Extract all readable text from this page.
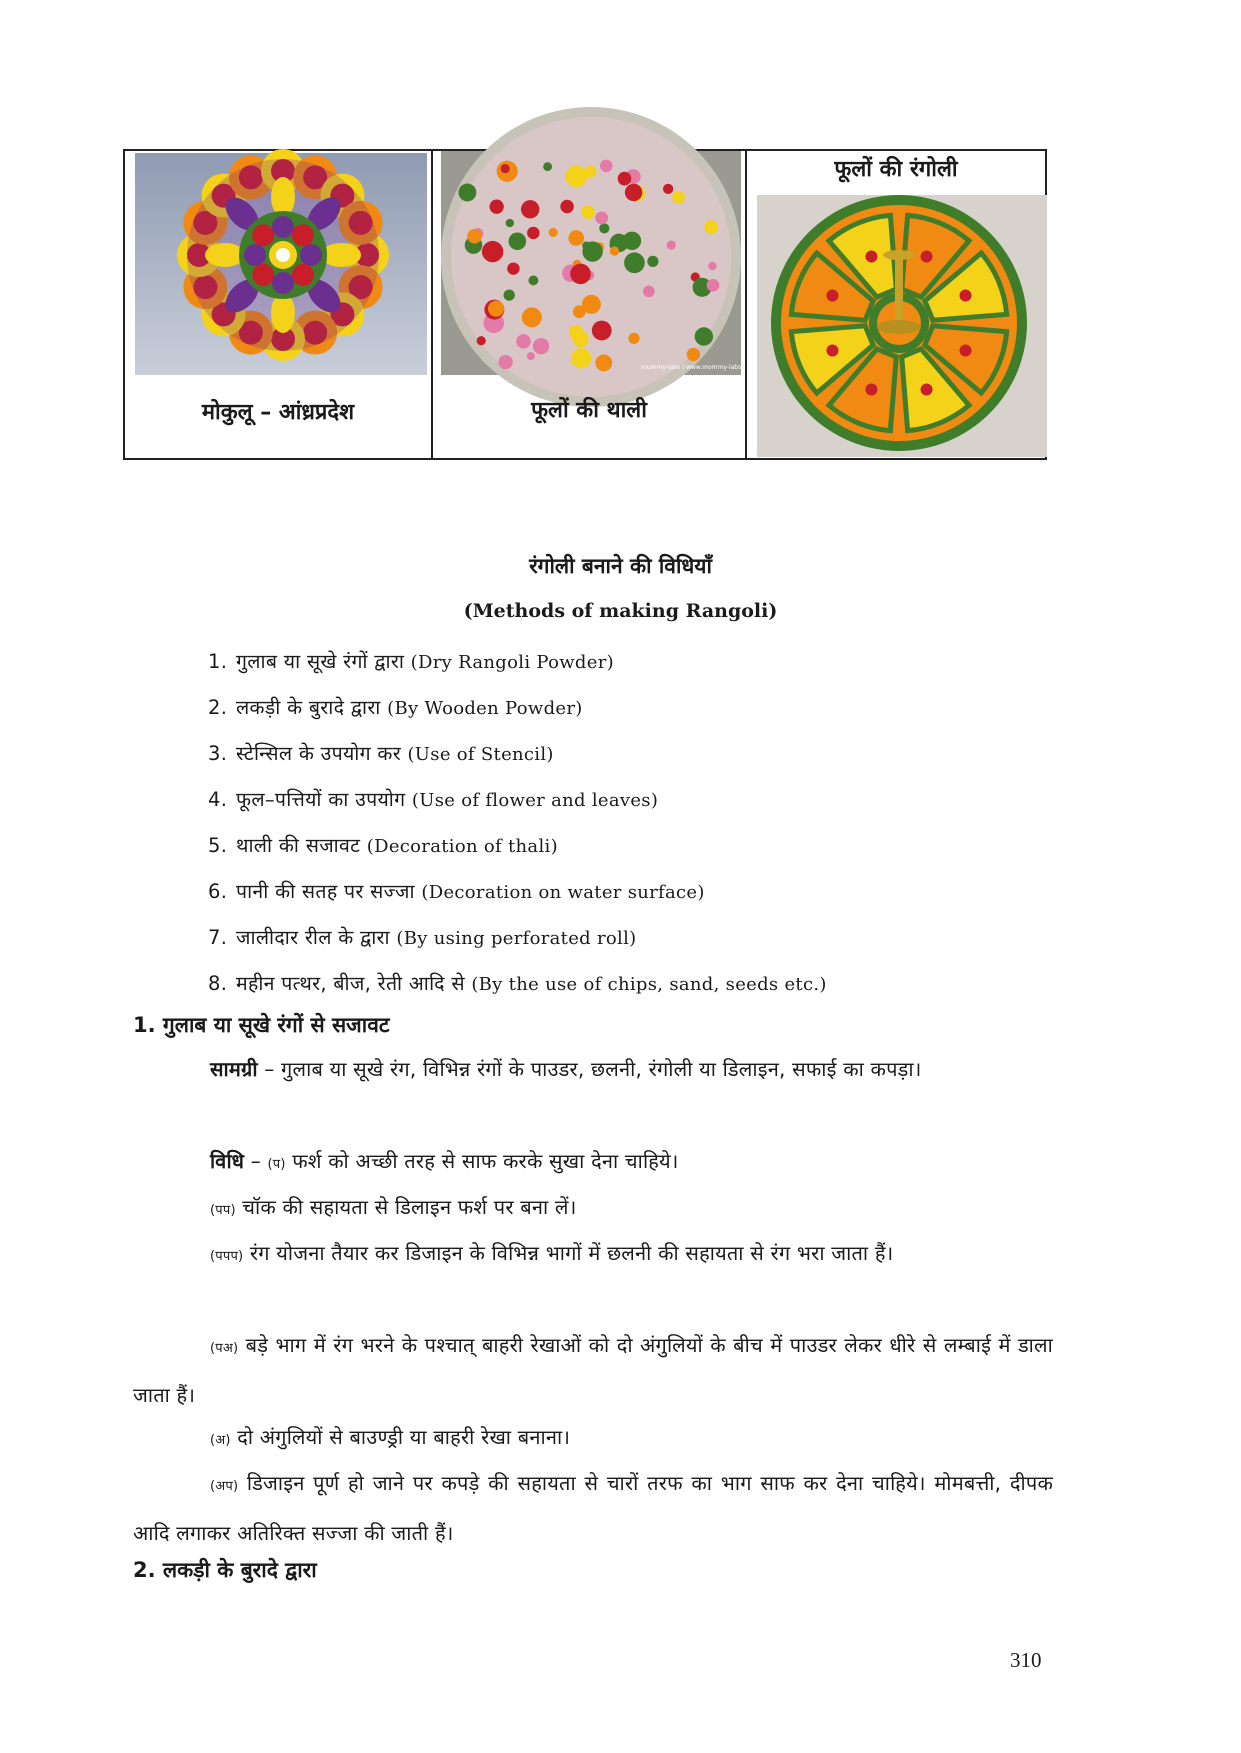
मोकुलू – आंध्रप्रदेश
mummy-labs | www.mommy-labs.com
फूलों की थाली
फूलों की रंगोली
रंगोली बनाने की विधियाँ
(Methods of making Rangoli)
1. गुलाब या सूखे रंगों द्वारा (Dry Rangoli Powder)
2. लकड़ी के बुरादे द्वारा (By Wooden Powder)
3. स्टेन्सिल के उपयोग कर (Use of Stencil)
4. फूल–पत्तियों का उपयोग (Use of flower and leaves)
5. थाली की सजावट (Decoration of thali)
6. पानी की सतह पर सज्जा (Decoration on water surface)
7. जालीदार रील के द्वारा (By using perforated roll)
8. महीन पत्थर, बीज, रेती आदि से (By the use of chips, sand, seeds etc.)
1. गुलाब या सूखे रंगों से सजावट
सामग्री – गुलाब या सूखे रंग, विभिन्न रंगों के पाउडर, छलनी, रंगोली या डिलाइन, सफाई का कपड़ा।
विधि – (प) फर्श को अच्छी तरह से साफ करके सुखा देना चाहिये।
(पप) चॉक की सहायता से डिलाइन फर्श पर बना लें।
(पपप) रंग योजना तैयार कर डिजाइन के विभिन्न भागों में छलनी की सहायता से रंग भरा जाता हैं।
(पअ) बड़े भाग में रंग भरने के पश्चात् बाहरी रेखाओं को दो अंगुलियों के बीच में पाउडर लेकर धीरे से लम्बाई में डाला जाता हैं।
(अ) दो अंगुलियों से बाउण्ड्री या बाहरी रेखा बनाना।
(अप) डिजाइन पूर्ण हो जाने पर कपड़े की सहायता से चारों तरफ का भाग साफ कर देना चाहिये। मोमबत्ती, दीपक आदि लगाकर अतिरिक्त सज्जा की जाती हैं।
2. लकड़ी के बुरादे द्वारा
310
